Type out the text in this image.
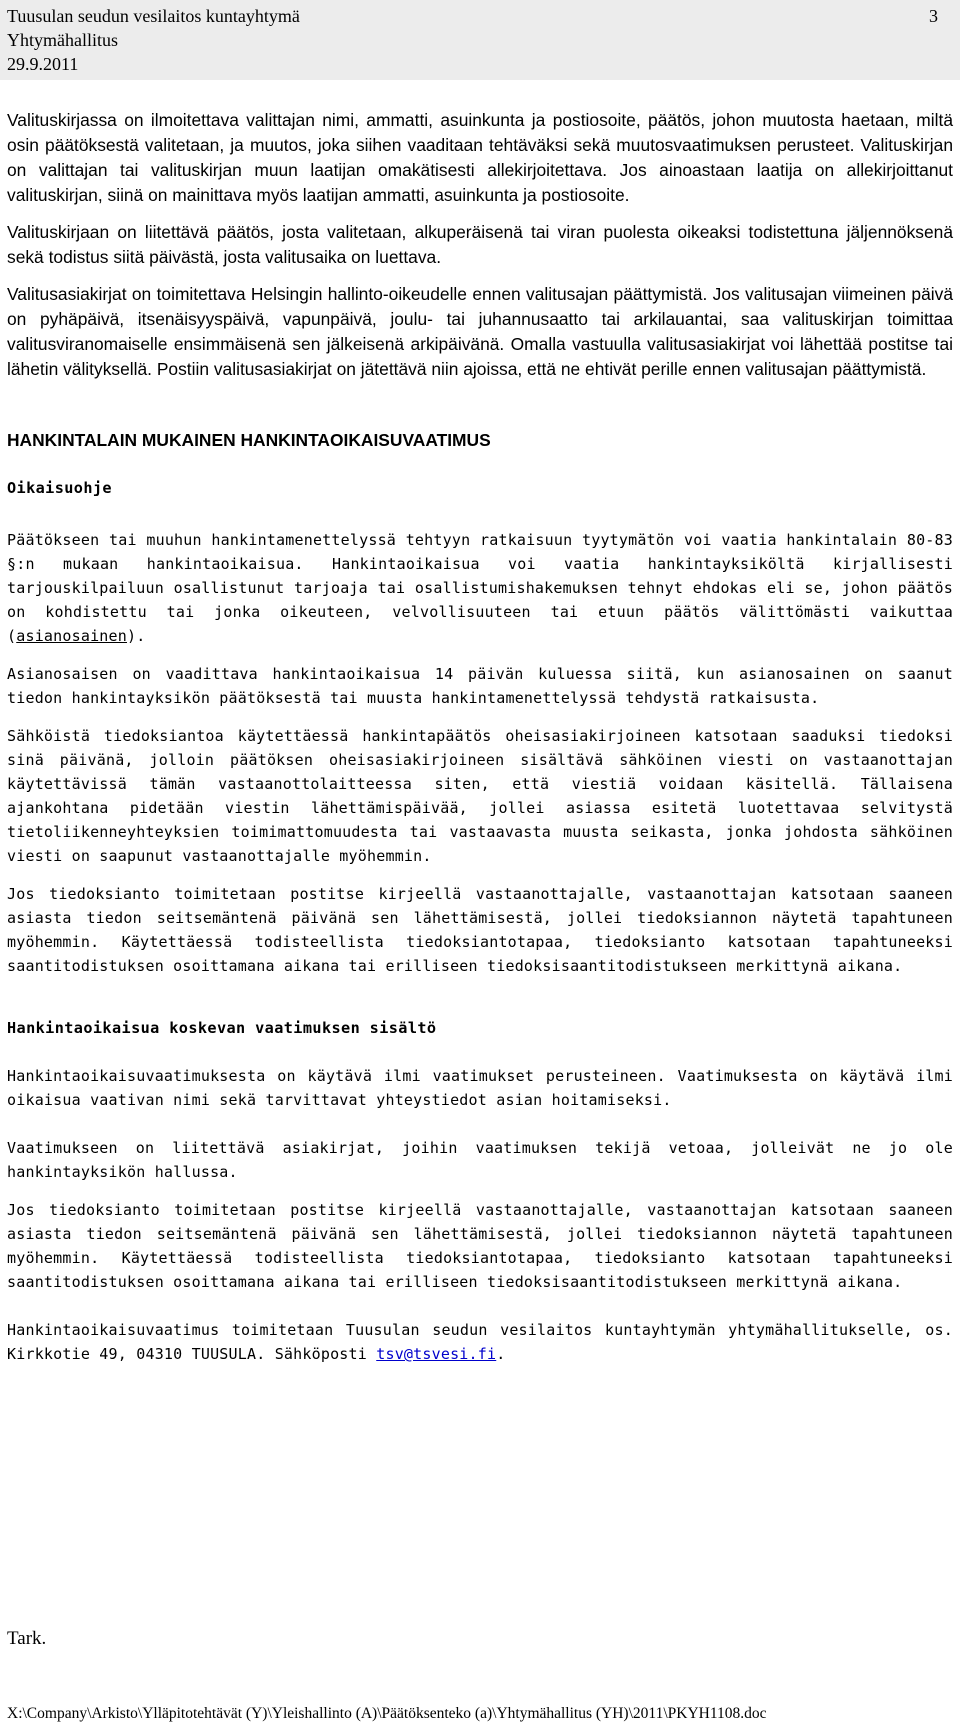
Tuusulan seudun vesilaitos kuntayhtymä
Yhtymähallitus
29.9.2011
3

Valituskirjassa on ilmoitettava valittajan nimi, ammatti, asuinkunta ja postiosoite, päätös, johon muutosta haetaan, miltä osin päätöksestä valitetaan, ja muutos, joka siihen vaaditaan tehtäväksi sekä muutosvaatimuksen perusteet. Valituskirjan on valittajan tai valituskirjan muun laatijan omakätisesti allekirjoitettava. Jos ainoastaan laatija on allekirjoittanut valituskirjan, siinä on mainittava myös laatijan ammatti, asuinkunta ja postiosoite.

Valituskirjaan on liitettävä päätös, josta valitetaan, alkuperäisenä tai viran puolesta oikeaksi todistettuna jäljennöksenä sekä todistus siitä päivästä, josta valitusaika on luettava.

Valitusasiakirjat on toimitettava Helsingin hallinto-oikeudelle ennen valitusajan päättymistä. Jos valitusajan viimeinen päivä on pyhäpäivä, itsenäisyyspäivä, vapunpäivä, joulu- tai juhannusaatto tai arkilauantai, saa valituskirjan toimittaa valitusviranomaiselle ensimmäisenä sen jälkeisenä arkipäivänä. Omalla vastuulla valitusasiakirjat voi lähettää postitse tai lähetin välityksellä. Postiin valitusasiakirjat on jätettävä niin ajoissa, että ne ehtivät perille ennen valitusajan päättymistä.

HANKINTALAIN MUKAINEN HANKINTAOIKAISUVAATIMUS
Oikaisuohje

Päätökseen tai muuhun hankintamenettelyssä tehtyyn ratkaisuun tyytymätön voi vaatia hankintalain 80-83 §:n mukaan hankintaoikaisua. Hankintaoikaisua voi vaatia hankintayksiköltä kirjallisesti tarjouskilpailuun osallistunut tarjoaja tai osallistumishakemuksen tehnyt ehdokas eli se, johon päätös on kohdistettu tai jonka oikeuteen, velvollisuuteen tai etuun päätös välittömästi vaikuttaa (asianosainen).

Asianosaisen on vaadittava hankintaoikaisua 14 päivän kuluessa siitä, kun asianosainen on saanut tiedon hankintayksikön päätöksestä tai muusta hankintamenettelyssä tehdystä ratkaisusta.

Sähköistä tiedoksiantoa käytettäessä hankintapäätös oheisasiakirjoineen katsotaan saaduksi tiedoksi sinä päivänä, jolloin päätöksen oheisasiakirjoineen sisältävä sähköinen viesti on vastaanottajan käytettävissä tämän vastaanottolaitteessa siten, että viestiä voidaan käsitellä. Tällaisena ajankohtana pidetään viestin lähettämispäivää, jollei asiassa esitetä luotettavaa selvitystä tietoliikenneyhteyksien toimimattomuudesta tai vastaavasta muusta seikasta, jonka johdosta sähköinen viesti on saapunut vastaanottajalle myöhemmin.

Jos tiedoksianto toimitetaan postitse kirjeellä vastaanottajalle, vastaanottajan katsotaan saaneen asiasta tiedon seitsemäntenä päivänä sen lähettämisestä, jollei tiedoksiannon näytetä tapahtuneen myöhemmin. Käytettäessä todisteellista tiedoksiantotapaa, tiedoksianto katsotaan tapahtuneeksi saantitodistuksen osoittamana aikana tai erilliseen tiedoksisaantitodistukseen merkittynä aikana.

Hankintaoikaisua koskevan vaatimuksen sisältö

Hankintaoikaisuvaatimuksesta on käytävä ilmi vaatimukset perusteineen. Vaatimuksesta on käytävä ilmi oikaisua vaativan nimi sekä tarvittavat yhteystiedot asian hoitamiseksi.

Vaatimukseen on liitettävä asiakirjat, joihin vaatimuksen tekijä vetoaa, jolleivät ne jo ole hankintayksikön hallussa.

Jos tiedoksianto toimitetaan postitse kirjeellä vastaanottajalle, vastaanottajan katsotaan saaneen asiasta tiedon seitsemäntenä päivänä sen lähettämisestä, jollei tiedoksiannon näytetä tapahtuneen myöhemmin. Käytettäessä todisteellista tiedoksiantotapaa, tiedoksianto katsotaan tapahtuneeksi saantitodistuksen osoittamana aikana tai erilliseen tiedoksisaantitodistukseen merkittynä aikana.

Hankintaoikaisuvaatimus toimitetaan Tuusulan seudun vesilaitos kuntayhtymän yhtymähallitukselle, os. Kirkkotie 49, 04310 TUUSULA. Sähköposti tsv@tsvesi.fi.

Tark.
X:\Company\Arkisto\Ylläpitotehtävät (Y)\Yleishallinto (A)\Päätöksenteko (a)\Yhtymähallitus (YH)\2011\PKYH1108.doc
